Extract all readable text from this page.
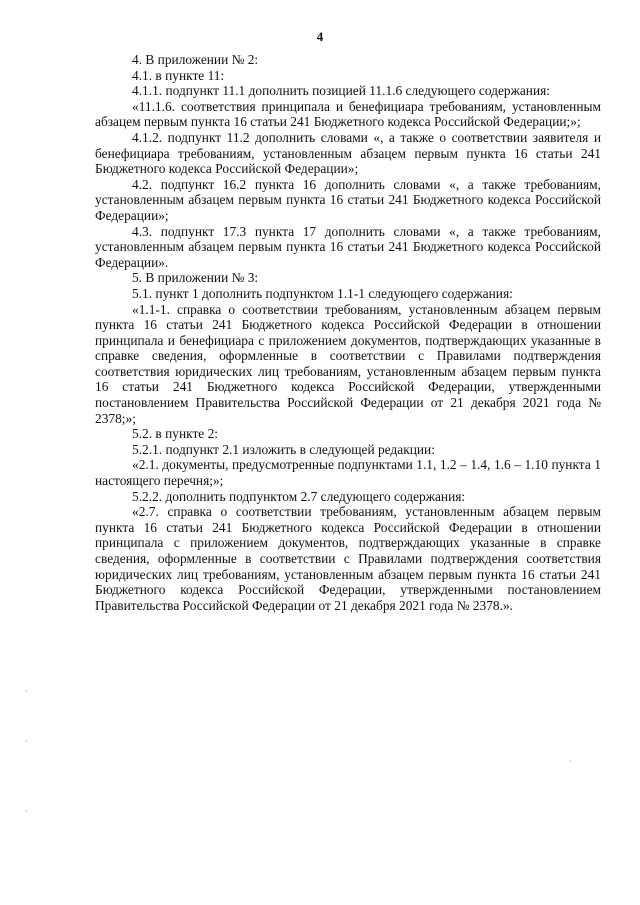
4

4. В приложении № 2:

4.1. в пункте 11:

4.1.1. подпункт 11.1 дополнить позицией 11.1.6 следующего содержания:

«11.1.6. соответствия принципала и бенефициара требованиям, установленным абзацем первым пункта 16 статьи 241 Бюджетного кодекса Российской Федерации;»;

4.1.2. подпункт 11.2 дополнить словами «, а также о соответствии заявителя и бенефициара требованиям, установленным абзацем первым пункта 16 статьи 241 Бюджетного кодекса Российской Федерации»;

4.2. подпункт 16.2 пункта 16 дополнить словами «, а также требованиям, установленным абзацем первым пункта 16 статьи 241 Бюджетного кодекса Российской Федерации»;

4.3. подпункт 17.3 пункта 17 дополнить словами «, а также требованиям, установленным абзацем первым пункта 16 статьи 241 Бюджетного кодекса Российской Федерации».

5. В приложении № 3:

5.1. пункт 1 дополнить подпунктом 1.1-1 следующего содержания:

«1.1-1. справка о соответствии требованиям, установленным абзацем первым пункта 16 статьи 241 Бюджетного кодекса Российской Федерации в отношении принципала и бенефициара с приложением документов, подтверждающих указанные в справке сведения, оформленные в соответствии с Правилами подтверждения соответствия юридических лиц требованиям, установленным абзацем первым пункта 16 статьи 241 Бюджетного кодекса Российской Федерации, утвержденными постановлением Правительства Российской Федерации от 21 декабря 2021 года № 2378;»;

5.2. в пункте 2:

5.2.1. подпункт 2.1 изложить в следующей редакции:

«2.1. документы, предусмотренные подпунктами 1.1, 1.2 – 1.4, 1.6 – 1.10 пункта 1 настоящего перечня;»;

5.2.2. дополнить подпунктом 2.7 следующего содержания:

«2.7. справка о соответствии требованиям, установленным абзацем первым пункта 16 статьи 241 Бюджетного кодекса Российской Федерации в отношении принципала с приложением документов, подтверждающих указанные в справке сведения, оформленные в соответствии с Правилами подтверждения соответствия юридических лиц требованиям, установленным абзацем первым пункта 16 статьи 241 Бюджетного кодекса Российской Федерации, утвержденными постановлением Правительства Российской Федерации от 21 декабря 2021 года № 2378.».
